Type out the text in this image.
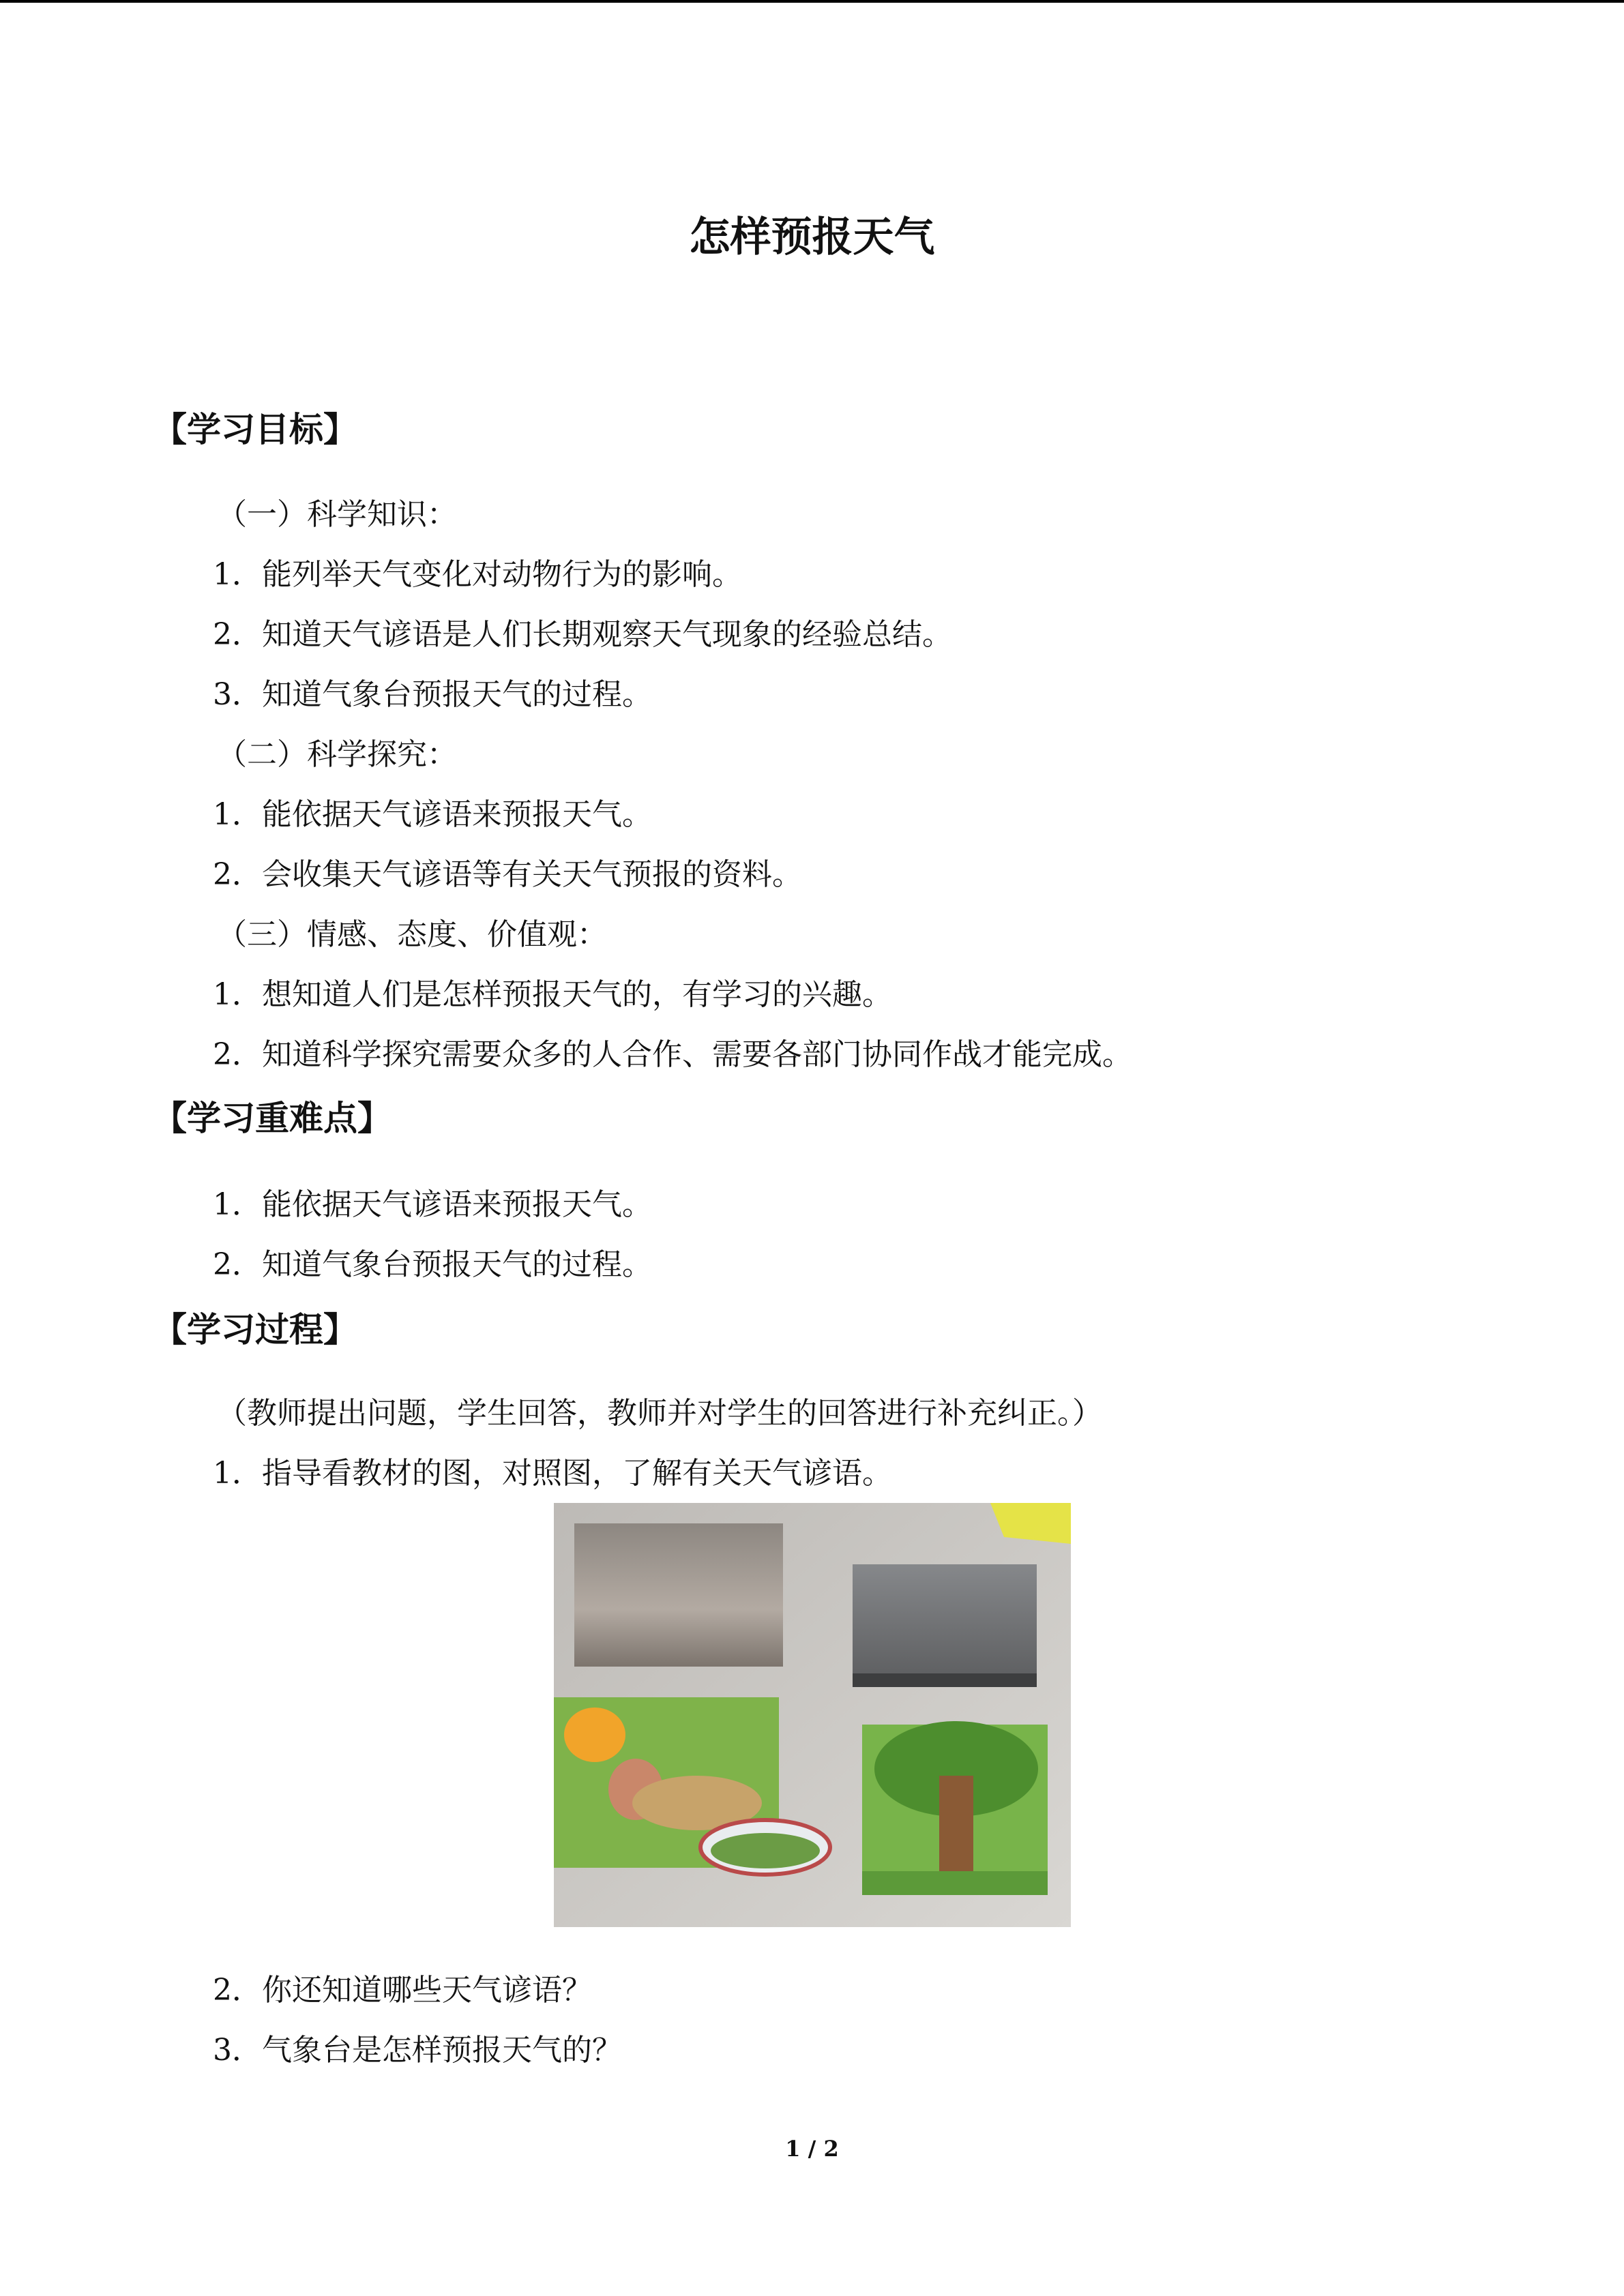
怎样预报天气
【学习目标】
（一）科学知识：
1．能列举天气变化对动物行为的影响。
2．知道天气谚语是人们长期观察天气现象的经验总结。
3．知道气象台预报天气的过程。
（二）科学探究：
1．能依据天气谚语来预报天气。
2．会收集天气谚语等有关天气预报的资料。
（三）情感、态度、价值观：
1．想知道人们是怎样预报天气的，有学习的兴趣。
2．知道科学探究需要众多的人合作、需要各部门协同作战才能完成。
【学习重难点】
1．能依据天气谚语来预报天气。
2．知道气象台预报天气的过程。
【学习过程】
（教师提出问题，学生回答，教师并对学生的回答进行补充纠正。）
1．指导看教材的图，对照图，了解有关天气谚语。
2．你还知道哪些天气谚语？
3．气象台是怎样预报天气的？
1 / 2
